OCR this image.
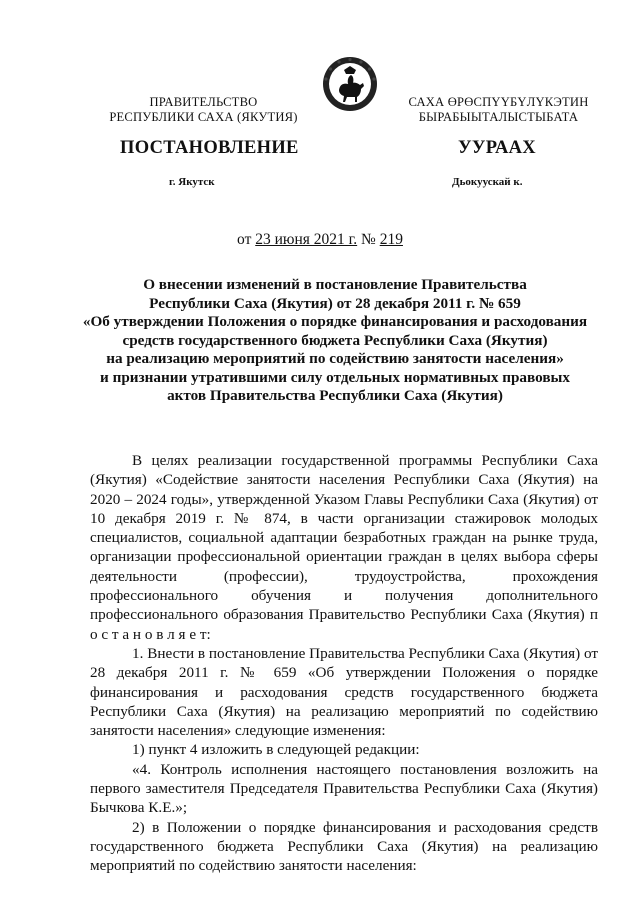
ПРАВИТЕЛЬСТВО
РЕСПУБЛИКИ САХА (ЯКУТИЯ)
САХА ӨРӨСПҮҮБҮЛҮКЭТИН
БЫРАБЫЫТАЛЫСТЫБАТА
ПОСТАНОВЛЕНИЕ	УУРААХ
г. Якутск	Дьокуускай к.
от 23 июня 2021 г. № 219
О внесении изменений в постановление Правительства
Республики Саха (Якутия) от 28 декабря 2011 г. № 659
«Об утверждении Положения о порядке финансирования и расходования
средств государственного бюджета Республики Саха (Якутия)
на реализацию мероприятий по содействию занятости населения»
и признании утратившими силу отдельных нормативных правовых
актов Правительства Республики Саха (Якутия)

В целях реализации государственной программы Республики Саха (Якутия) «Содействие занятости населения Республики Саха (Якутия) на 2020 – 2024 годы», утвержденной Указом Главы Республики Саха (Якутия) от 10 декабря 2019 г. № 874, в части организации стажировок молодых специалистов, социальной адаптации безработных граждан на рынке труда, организации профессиональной ориентации граждан в целях выбора сферы деятельности (профессии), трудоустройства, прохождения профессионального обучения и получения дополнительного профессионального образования Правительство Республики Саха (Якутия) п о с т а н о в л я е т:

1. Внести в постановление Правительства Республики Саха (Якутия) от 28 декабря 2011 г. № 659 «Об утверждении Положения о порядке финансирования и расходования средств государственного бюджета Республики Саха (Якутия) на реализацию мероприятий по содействию занятости населения» следующие изменения:

1) пункт 4 изложить в следующей редакции:

«4. Контроль исполнения настоящего постановления возложить на первого заместителя Председателя Правительства Республики Саха (Якутия) Бычкова К.Е.»;

2) в Положении о порядке финансирования и расходования средств государственного бюджета Республики Саха (Якутия) на реализацию мероприятий по содействию занятости населения:
